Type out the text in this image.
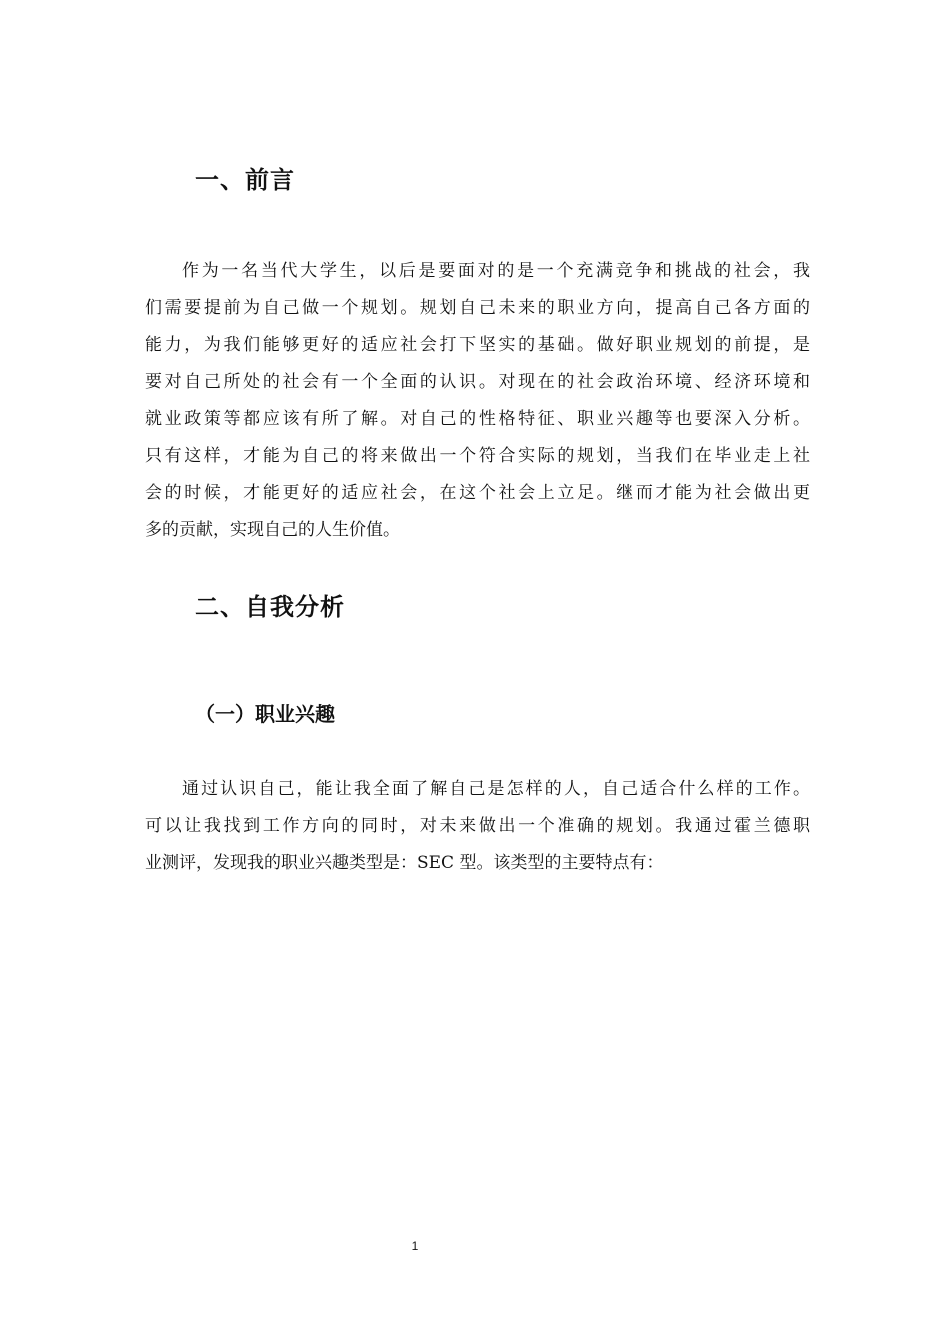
一、前言

作为一名当代大学生，以后是要面对的是一个充满竞争和挑战的社会，我
们需要提前为自己做一个规划。规划自己未来的职业方向，提高自己各方面的
能力，为我们能够更好的适应社会打下坚实的基础。做好职业规划的前提，是
要对自己所处的社会有一个全面的认识。对现在的社会政治环境、经济环境和
就业政策等都应该有所了解。对自己的性格特征、职业兴趣等也要深入分析。
只有这样，才能为自己的将来做出一个符合实际的规划，当我们在毕业走上社
会的时候，才能更好的适应社会，在这个社会上立足。继而才能为社会做出更
多的贡献，实现自己的人生价值。

二、自我分析
（一）职业兴趣

通过认识自己，能让我全面了解自己是怎样的人，自己适合什么样的工作。
可以让我找到工作方向的同时，对未来做出一个准确的规划。我通过霍兰德职
业测评，发现我的职业兴趣类型是：SEC 型。该类型的主要特点有：

1
